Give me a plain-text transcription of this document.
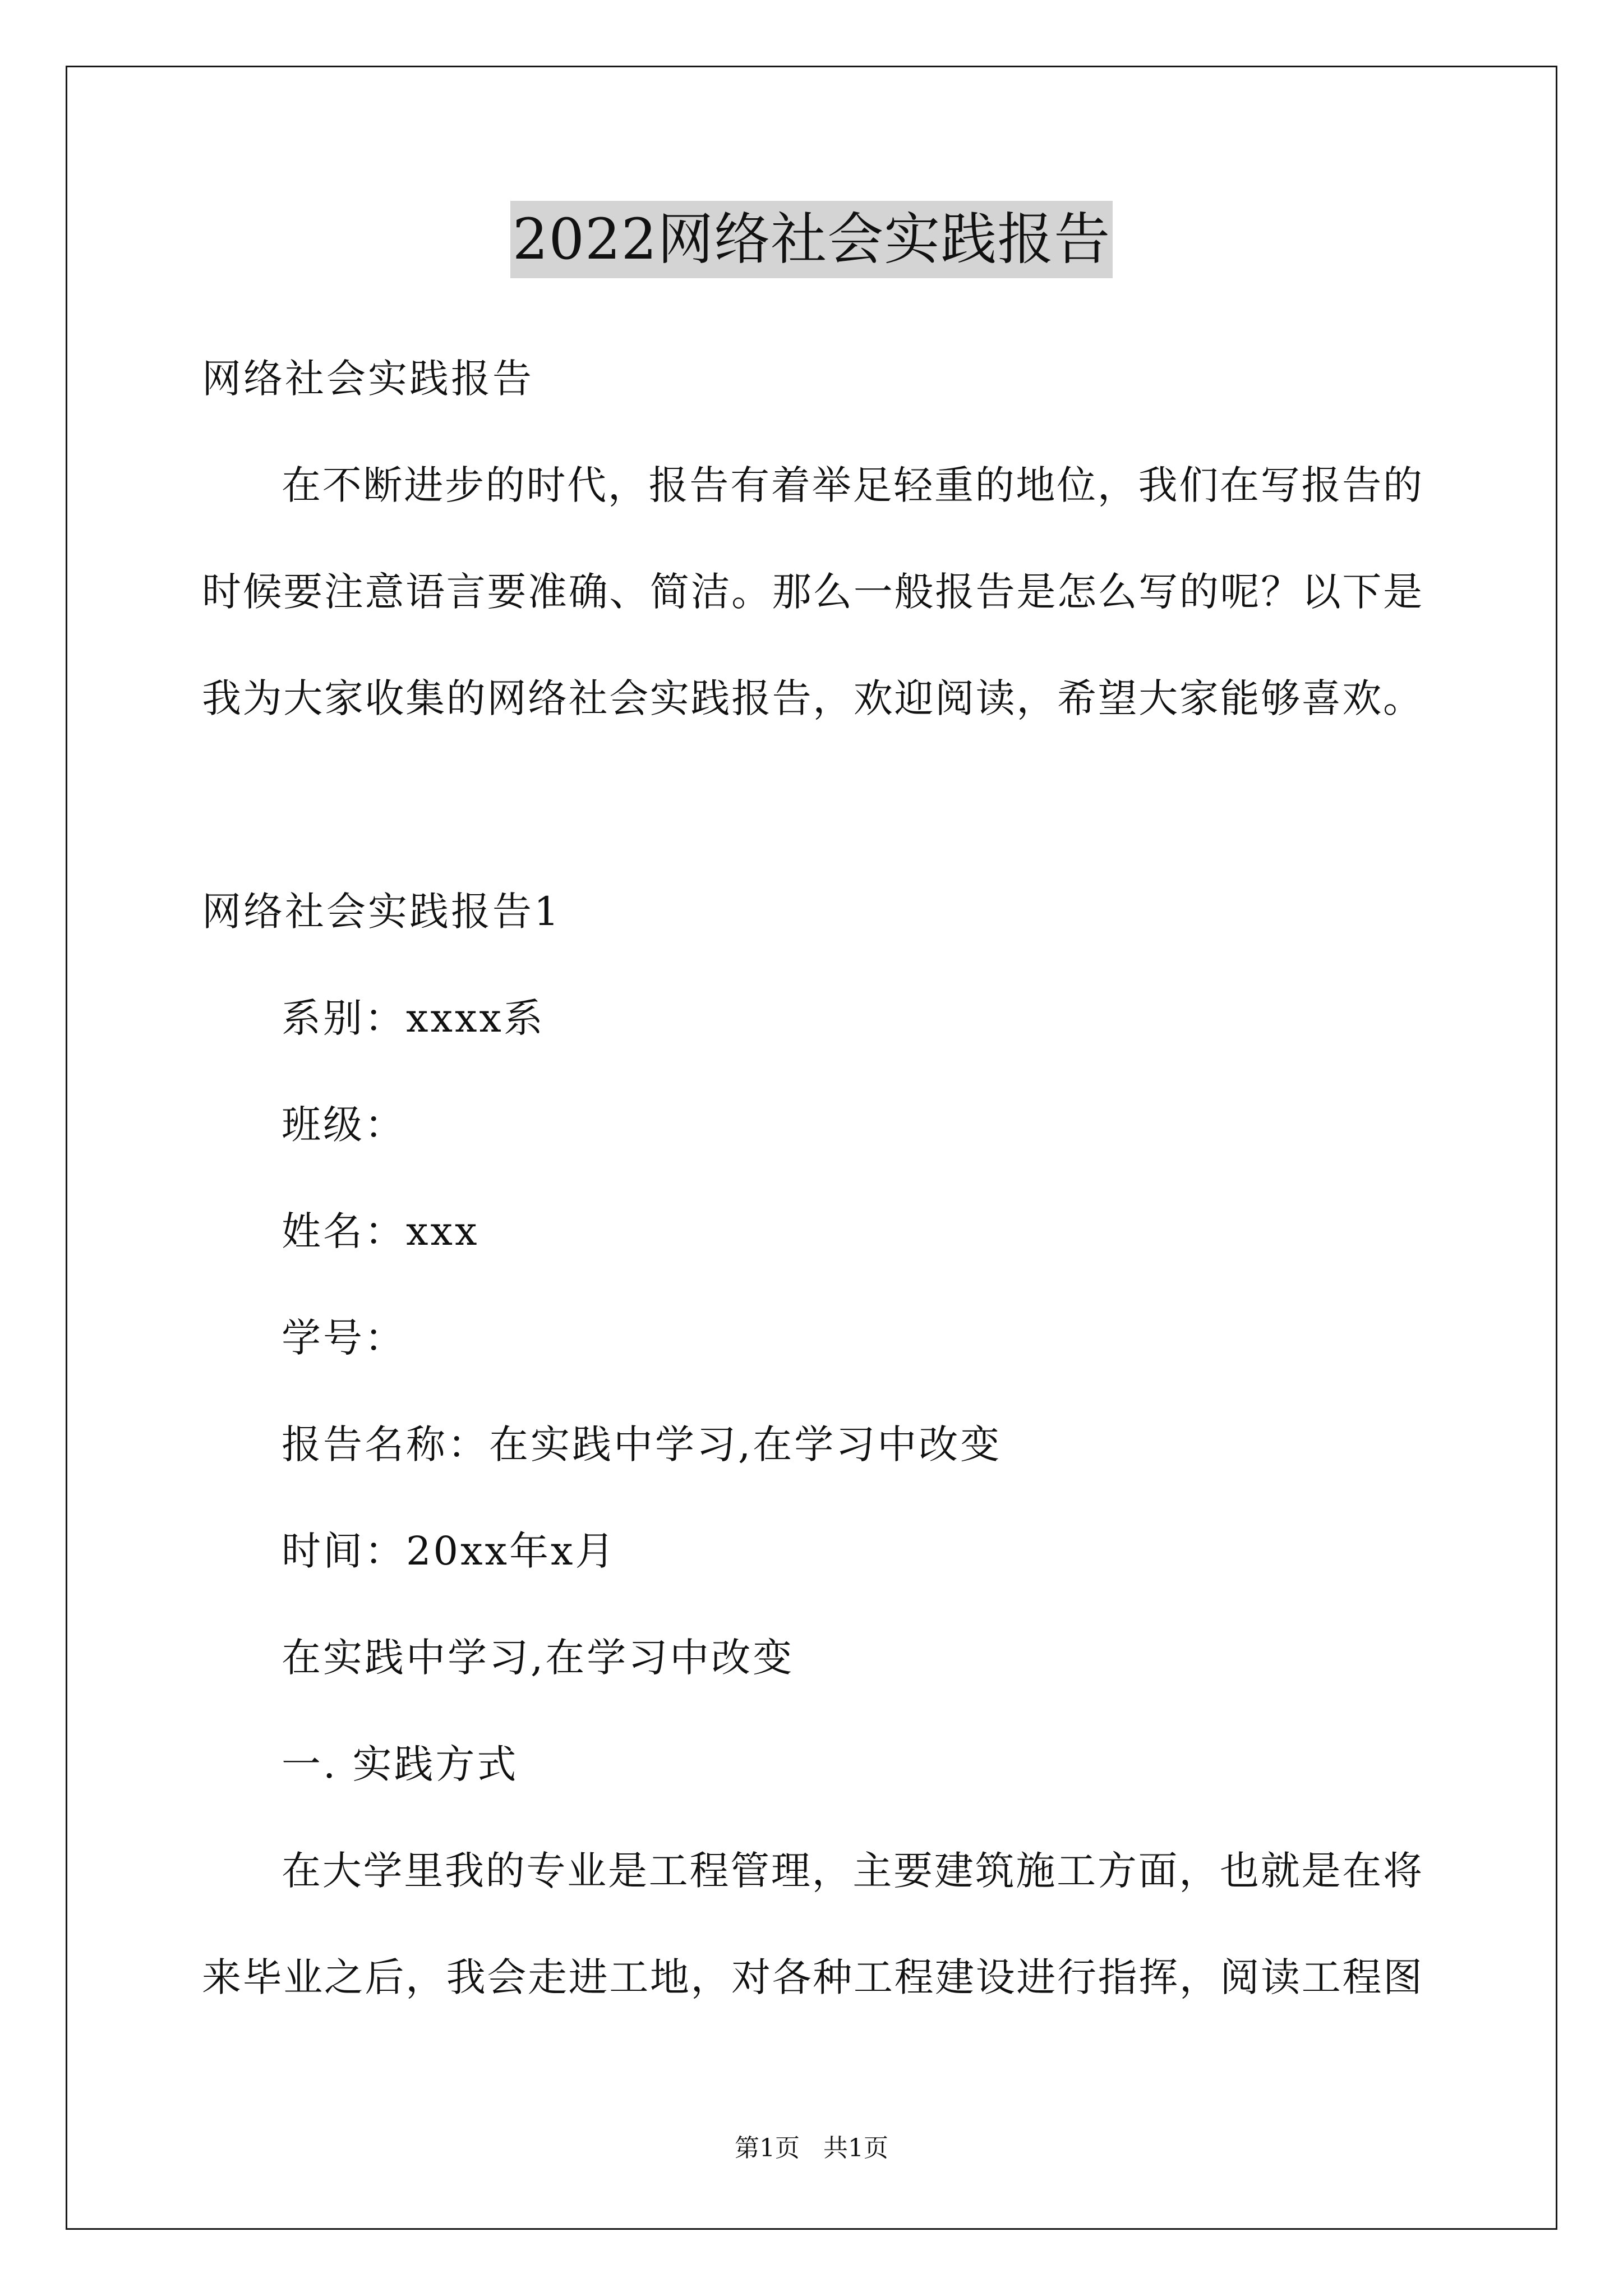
2022网络社会实践报告
网络社会实践报告
在不断进步的时代，报告有着举足轻重的地位，我们在写报告的
时候要注意语言要准确、简洁。那么一般报告是怎么写的呢？以下是
我为大家收集的网络社会实践报告，欢迎阅读，希望大家能够喜欢。
网络社会实践报告1
系别：xxxx系
班级：
姓名：xxx
学号：
报告名称：在实践中学习,在学习中改变
时间：20xx年x月
在实践中学习,在学习中改变
一. 实践方式
在大学里我的专业是工程管理，主要建筑施工方面，也就是在将
来毕业之后，我会走进工地，对各种工程建设进行指挥，阅读工程图
第1页   共1页
